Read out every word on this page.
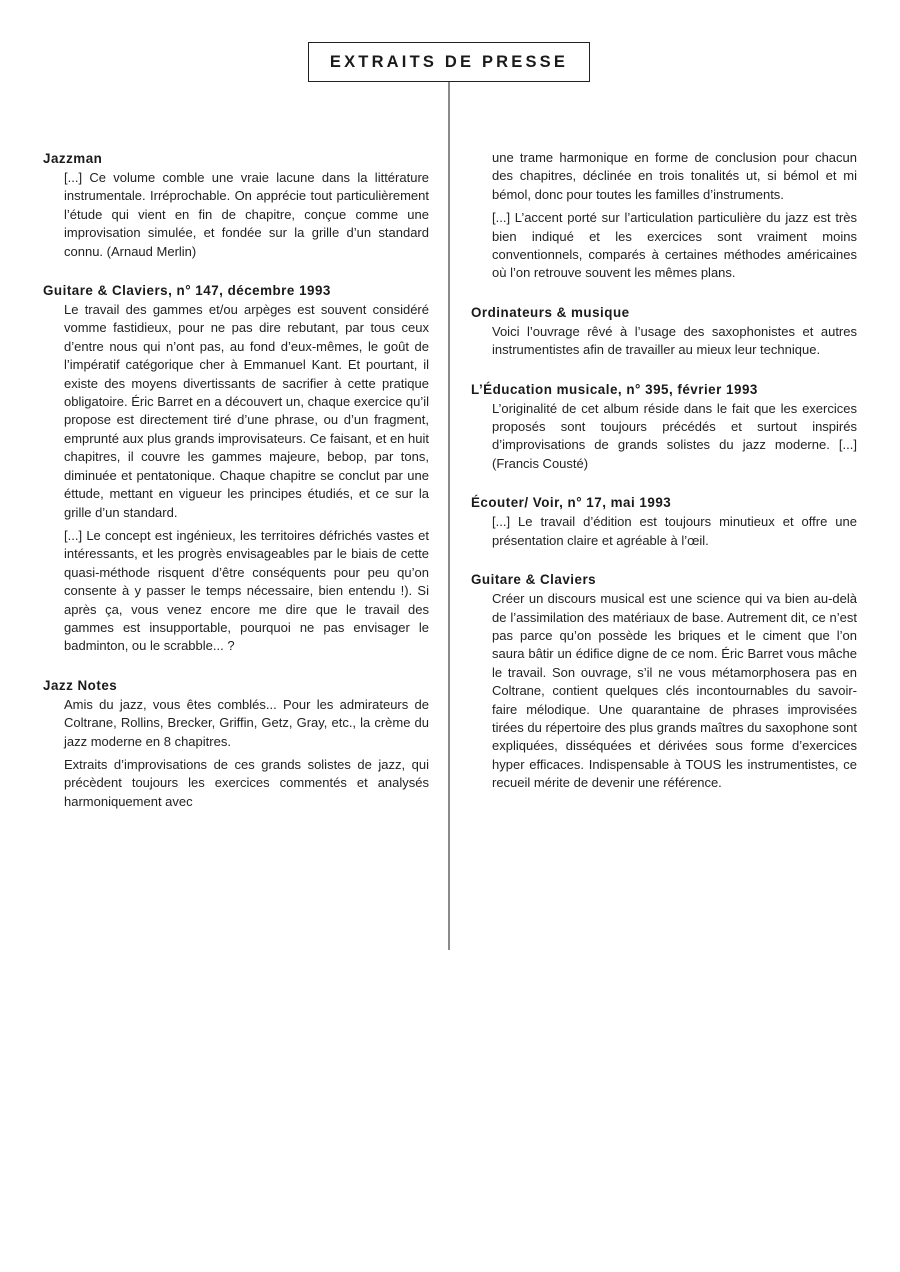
EXTRAITS DE PRESSE

Jazzman

[...] Ce volume comble une vraie lacune dans la littérature instrumentale. Irréprochable. On apprécie tout particulièrement l’étude qui vient en fin de chapitre, conçue comme une improvisation simulée, et fondée sur la grille d’un standard connu. (Arnaud Merlin)

Guitare & Claviers, n° 147, décembre 1993

Le travail des gammes et/ou arpèges est souvent considéré vomme fastidieux, pour ne pas dire rebutant, par tous ceux d’entre nous qui n’ont pas, au fond d’eux-mêmes, le goût de l’impératif catégorique cher à Emmanuel Kant. Et pourtant, il existe des moyens divertissants de sacrifier à cette pratique obligatoire. Éric Barret en a découvert un, chaque exercice qu’il propose est directement tiré d’une phrase, ou d’un fragment, emprunté aux plus grands improvisateurs. Ce faisant, et en huit chapitres, il couvre les gammes majeure, bebop, par tons, diminuée et pentatonique. Chaque chapitre se conclut par une éttude, mettant en vigueur les principes étudiés, et ce sur la grille d’un standard.

[...] Le concept est ingénieux, les territoires défrichés vastes et intéressants, et les progrès envisageables par le biais de cette quasi-méthode risquent d’être conséquents pour peu qu’on consente à y passer le temps nécessaire, bien entendu !). Si après ça, vous venez encore me dire que le travail des gammes est insupportable, pourquoi ne pas envisager le badminton, ou le scrabble... ?

Jazz Notes

Amis du jazz, vous êtes comblés... Pour les admirateurs de Coltrane, Rollins, Brecker, Griffin, Getz, Gray, etc., la crème du jazz moderne en 8 chapitres.

Extraits d’improvisations de ces grands solistes de jazz, qui précèdent toujours les exercices commentés et analysés harmoniquement avec

une trame harmonique en forme de conclusion pour chacun des chapitres, déclinée en trois tonalités ut, si bémol et mi bémol, donc pour toutes les familles d’instruments.

[...] L’accent porté sur l’articulation particulière du jazz est très bien indiqué et les exercices sont vraiment moins conventionnels, comparés à certaines méthodes américaines où l’on retrouve souvent les mêmes plans.

Ordinateurs & musique

Voici l’ouvrage rêvé à l’usage des saxophonistes et autres instrumentistes afin de travailler au mieux leur technique.

L’Éducation musicale, n° 395, février 1993

L’originalité de cet album réside dans le fait que les exercices proposés sont toujours précédés et surtout inspirés d’improvisations de grands solistes du jazz moderne. [...] (Francis Cousté)

Écouter/ Voir, n° 17, mai 1993

[...] Le travail d’édition est toujours minutieux et offre une présentation claire et agréable à l’œil.

Guitare & Claviers

Créer un discours musical est une science qui va bien au-delà de l’assimilation des matériaux de base. Autrement dit, ce n’est pas parce qu’on possède les briques et le ciment que l’on saura bâtir un édifice digne de ce nom. Éric Barret vous mâche le travail. Son ouvrage, s’il ne vous métamorphosera pas en Coltrane, contient quelques clés incontournables du savoir-faire mélodique. Une quarantaine de phrases improvisées tirées du répertoire des plus grands maîtres du saxophone sont expliquées, disséquées et dérivées sous forme d’exercices hyper efficaces. Indispensable à TOUS les instrumentistes, ce recueil mérite de devenir une référence.
